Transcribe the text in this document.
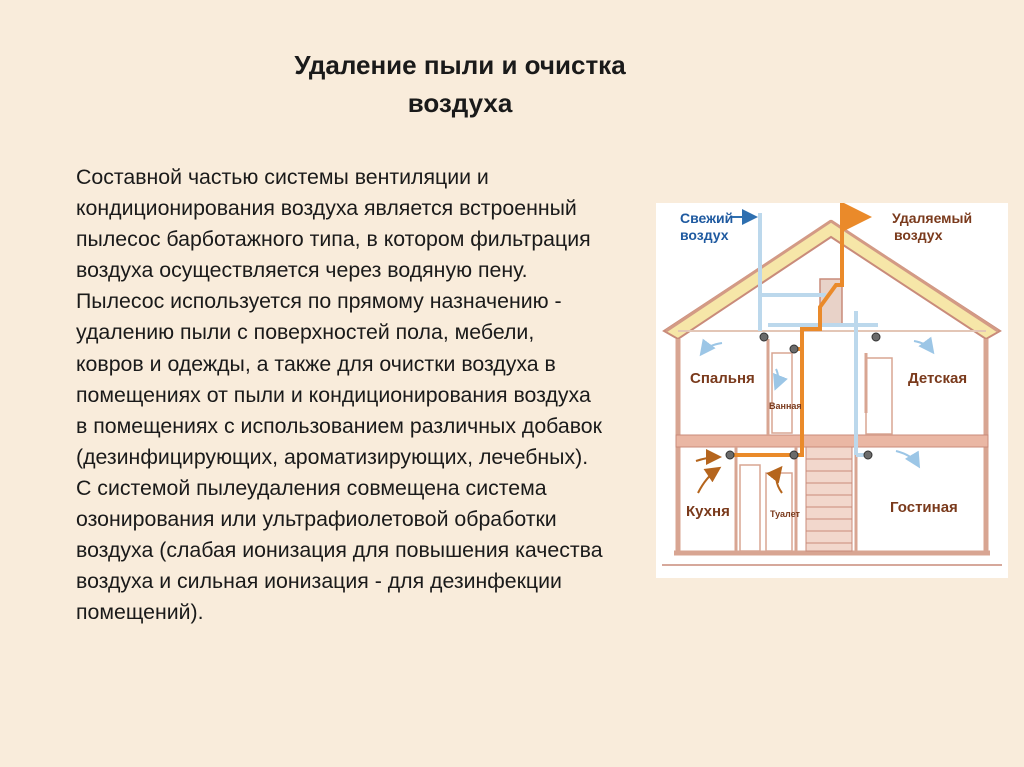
Удаление пыли и очистка
воздуха
Составной частью системы вентиляции и
кондиционирования воздуха является встроенный
пылесос барботажного типа, в котором фильтрация
воздуха осуществляется через водяную пену.
Пылесос используется по прямому назначению -
удалению пыли с поверхностей пола, мебели,
ковров и одежды, а также для очистки воздуха в
помещениях от пыли и кондиционирования воздуха
в помещениях с использованием различных добавок
(дезинфицирующих, ароматизирующих, лечебных).
С системой пылеудаления совмещена система
озонирования или ультрафиолетовой обработки
воздуха (слабая ионизация для повышения качества
воздуха и сильная ионизация - для дезинфекции
помещений).
Свежий
воздух
Удаляемый
воздух
Спальня	Детская
Ванная
Кухня	Туалет	Гостиная
